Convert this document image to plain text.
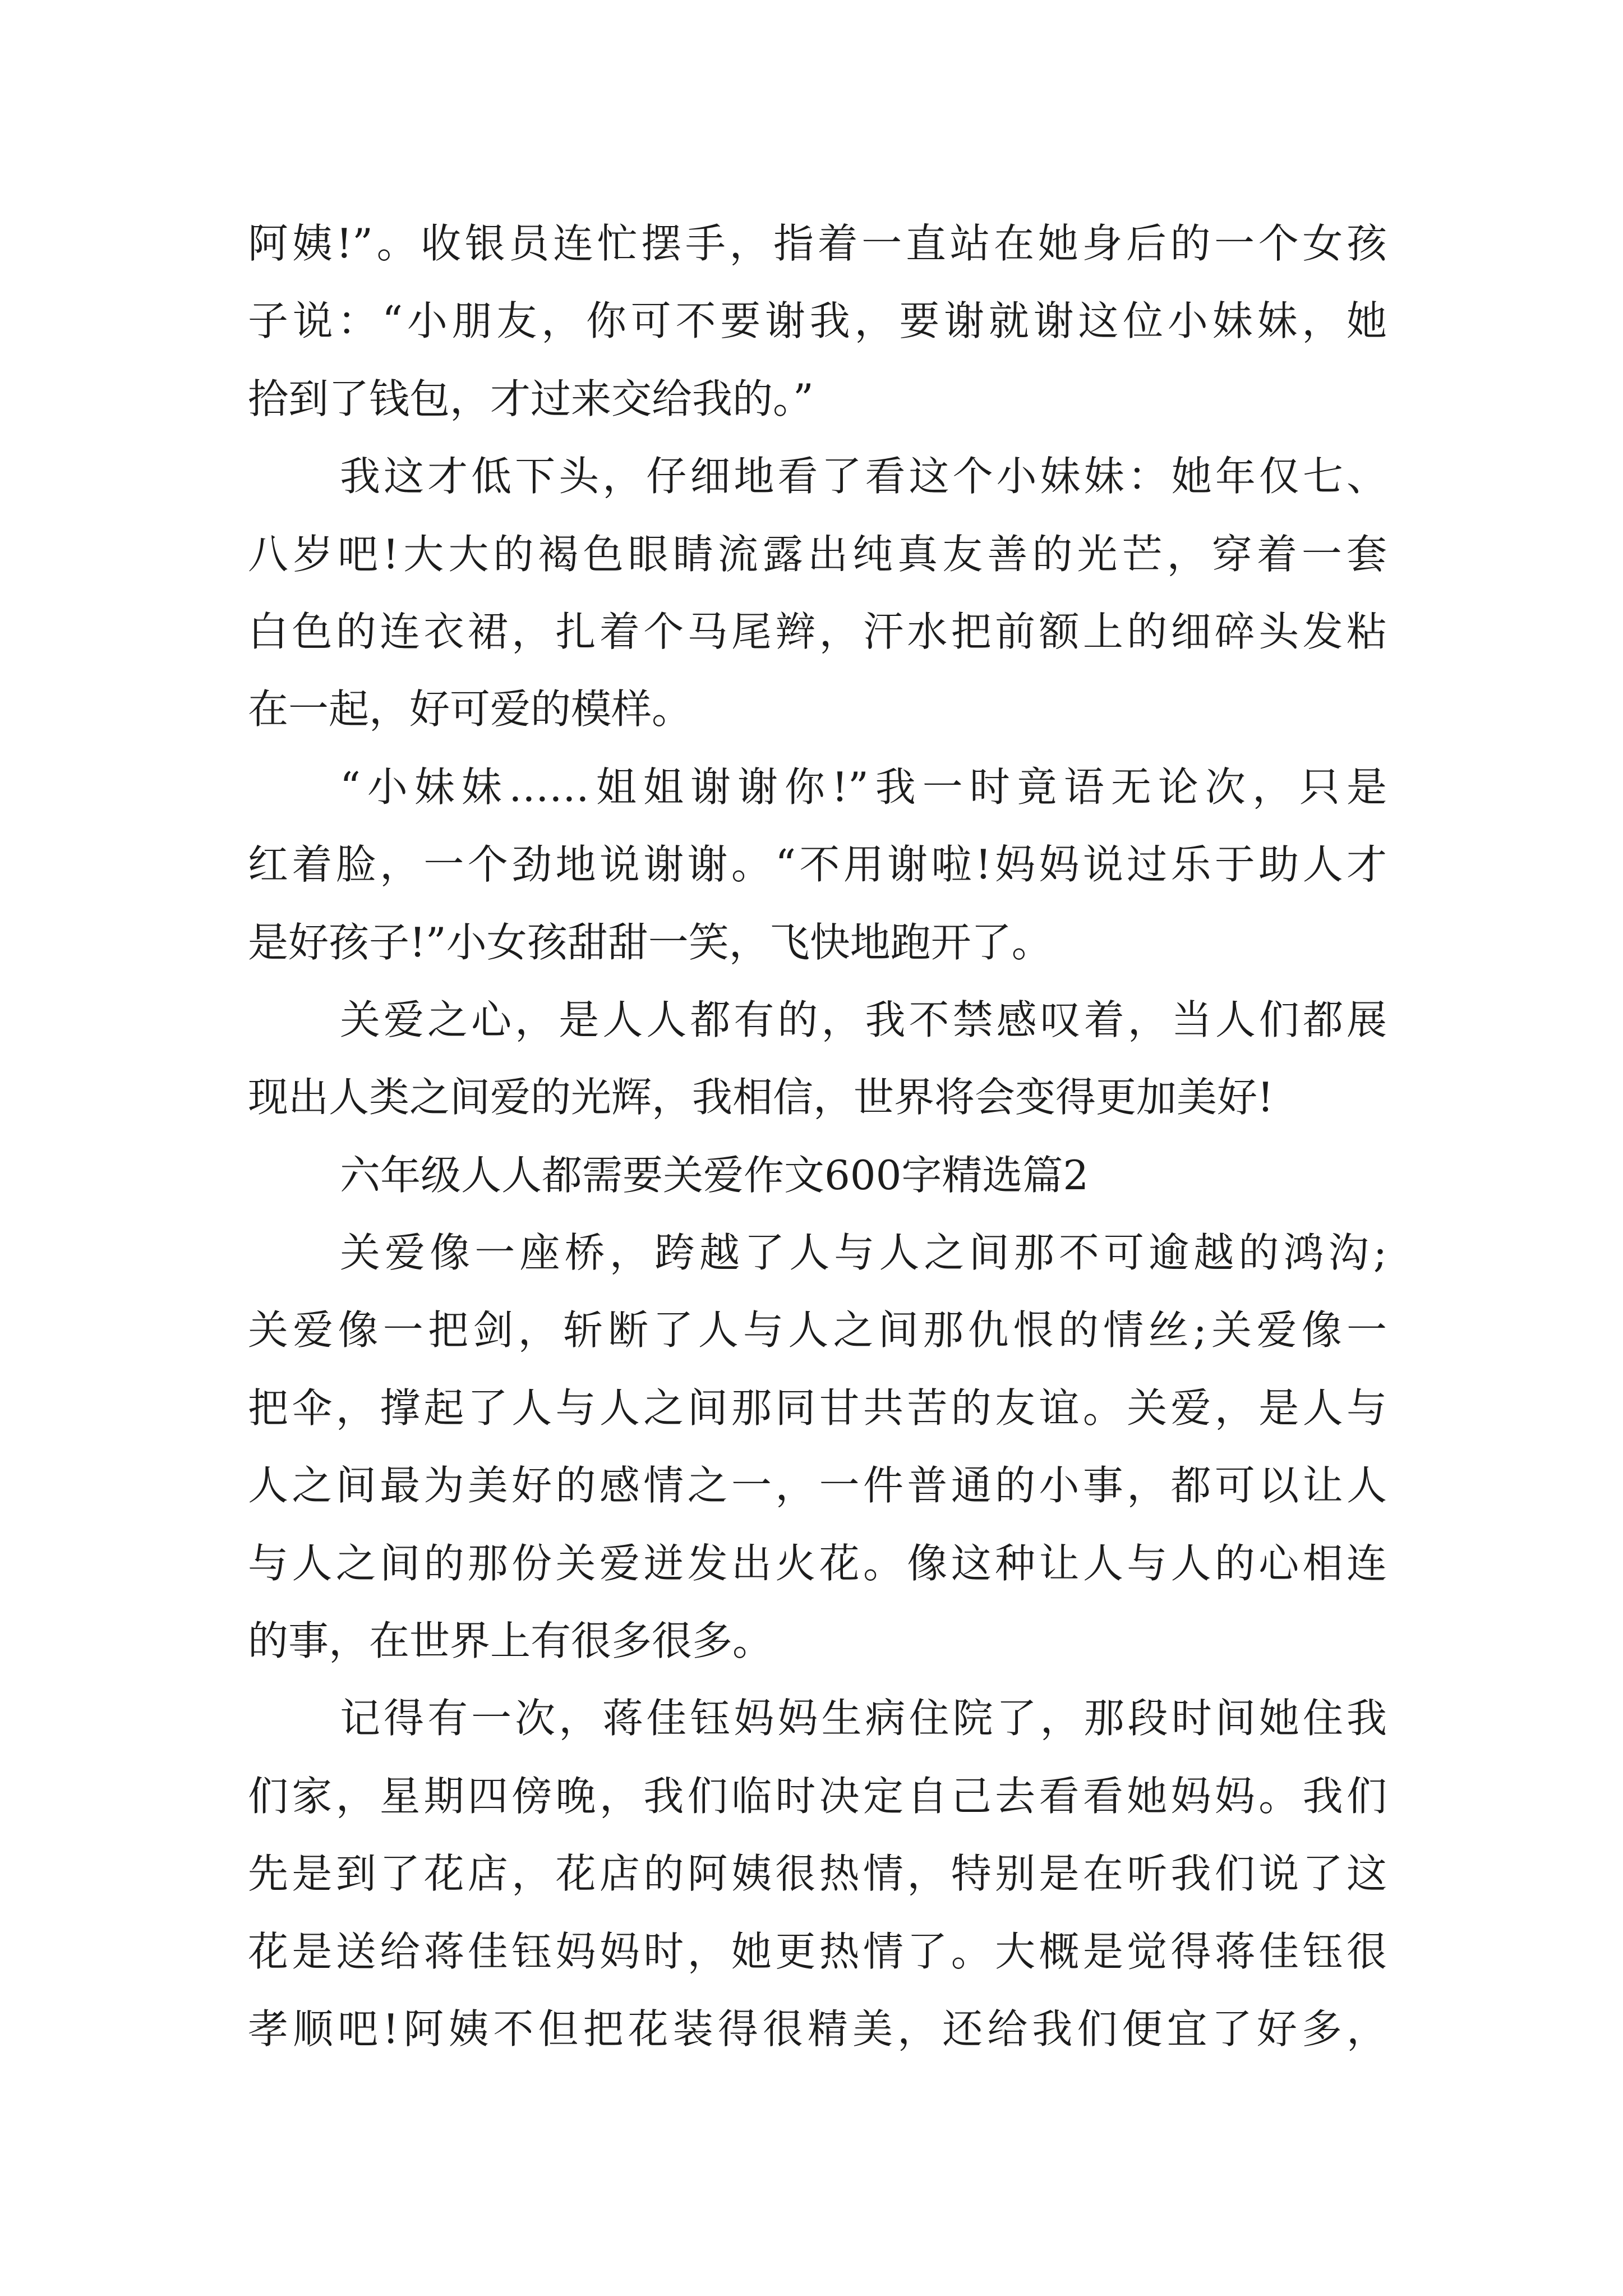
阿姨!”。收银员连忙摆手，指着一直站在她身后的一个女孩
子说：“小朋友，你可不要谢我，要谢就谢这位小妹妹，她
拾到了钱包，才过来交给我的。”
我这才低下头，仔细地看了看这个小妹妹：她年仅七、
八岁吧!大大的褐色眼睛流露出纯真友善的光芒，穿着一套
白色的连衣裙，扎着个马尾辫，汗水把前额上的细碎头发粘
在一起，好可爱的模样。
“小妹妹……姐姐谢谢你!”我一时竟语无论次，只是
红着脸，一个劲地说谢谢。“不用谢啦!妈妈说过乐于助人才
是好孩子!”小女孩甜甜一笑，飞快地跑开了。
关爱之心，是人人都有的，我不禁感叹着，当人们都展
现出人类之间爱的光辉，我相信，世界将会变得更加美好!
六年级人人都需要关爱作文600字精选篇2
关爱像一座桥，跨越了人与人之间那不可逾越的鸿沟;
关爱像一把剑，斩断了人与人之间那仇恨的情丝;关爱像一
把伞，撑起了人与人之间那同甘共苦的友谊。关爱，是人与
人之间最为美好的感情之一，一件普通的小事，都可以让人
与人之间的那份关爱迸发出火花。像这种让人与人的心相连
的事，在世界上有很多很多。
记得有一次，蒋佳钰妈妈生病住院了，那段时间她住我
们家，星期四傍晚，我们临时决定自己去看看她妈妈。我们
先是到了花店，花店的阿姨很热情，特别是在听我们说了这
花是送给蒋佳钰妈妈时，她更热情了。大概是觉得蒋佳钰很
孝顺吧!阿姨不但把花装得很精美，还给我们便宜了好多，
